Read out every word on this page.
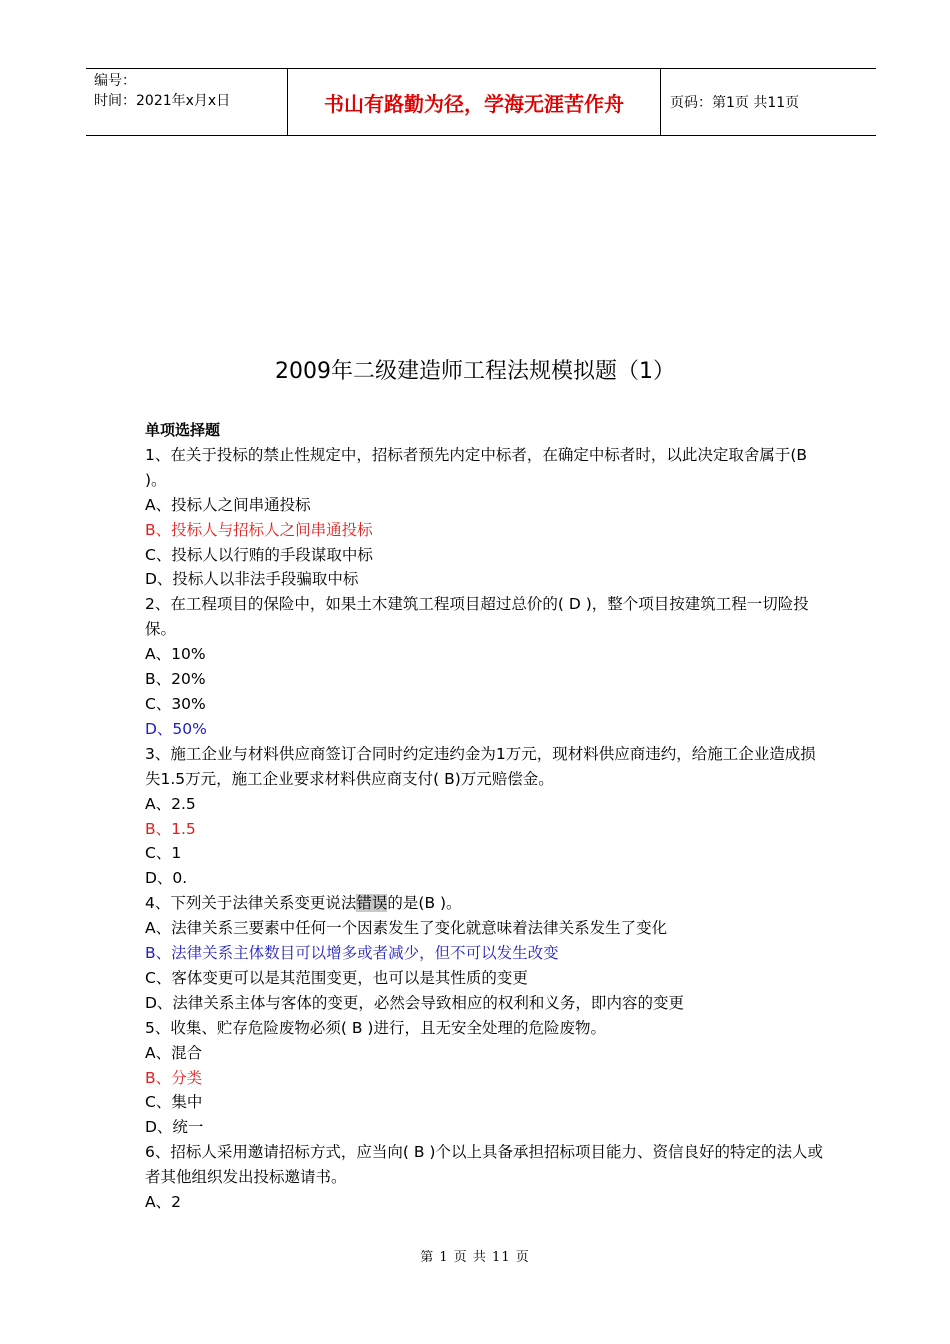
编号：
时间：2021年x月x日	书山有路勤为径，学海无涯苦作舟	页码：第1页 共11页
2009年二级建造师工程法规模拟题（1）

单项选择题

1、在关于投标的禁止性规定中，招标者预先内定中标者，在确定中标者时，以此决定取舍属于(B )。

A、投标人之间串通投标

B、投标人与招标人之间串通投标

C、投标人以行贿的手段谋取中标

D、投标人以非法手段骗取中标

2、在工程项目的保险中，如果土木建筑工程项目超过总价的( D )，整个项目按建筑工程一切险投保。

A、10%

B、20%

C、30%

D、50%

3、施工企业与材料供应商签订合同时约定违约金为1万元，现材料供应商违约，给施工企业造成损失1.5万元，施工企业要求材料供应商支付( B)万元赔偿金。

A、2.5

B、1.5

C、1

D、0.

4、下列关于法律关系变更说法错误的是(B )。

A、法律关系三要素中任何一个因素发生了变化就意味着法律关系发生了变化

B、法律关系主体数目可以增多或者减少，但不可以发生改变

C、客体变更可以是其范围变更，也可以是其性质的变更

D、法律关系主体与客体的变更，必然会导致相应的权利和义务，即内容的变更

5、收集、贮存危险废物必须( B )进行，且无安全处理的危险废物。

A、混合

B、分类

C、集中

D、统一

6、招标人采用邀请招标方式，应当向( B )个以上具备承担招标项目能力、资信良好的特定的法人或者其他组织发出投标邀请书。

A、2

第 1 页 共 11 页
